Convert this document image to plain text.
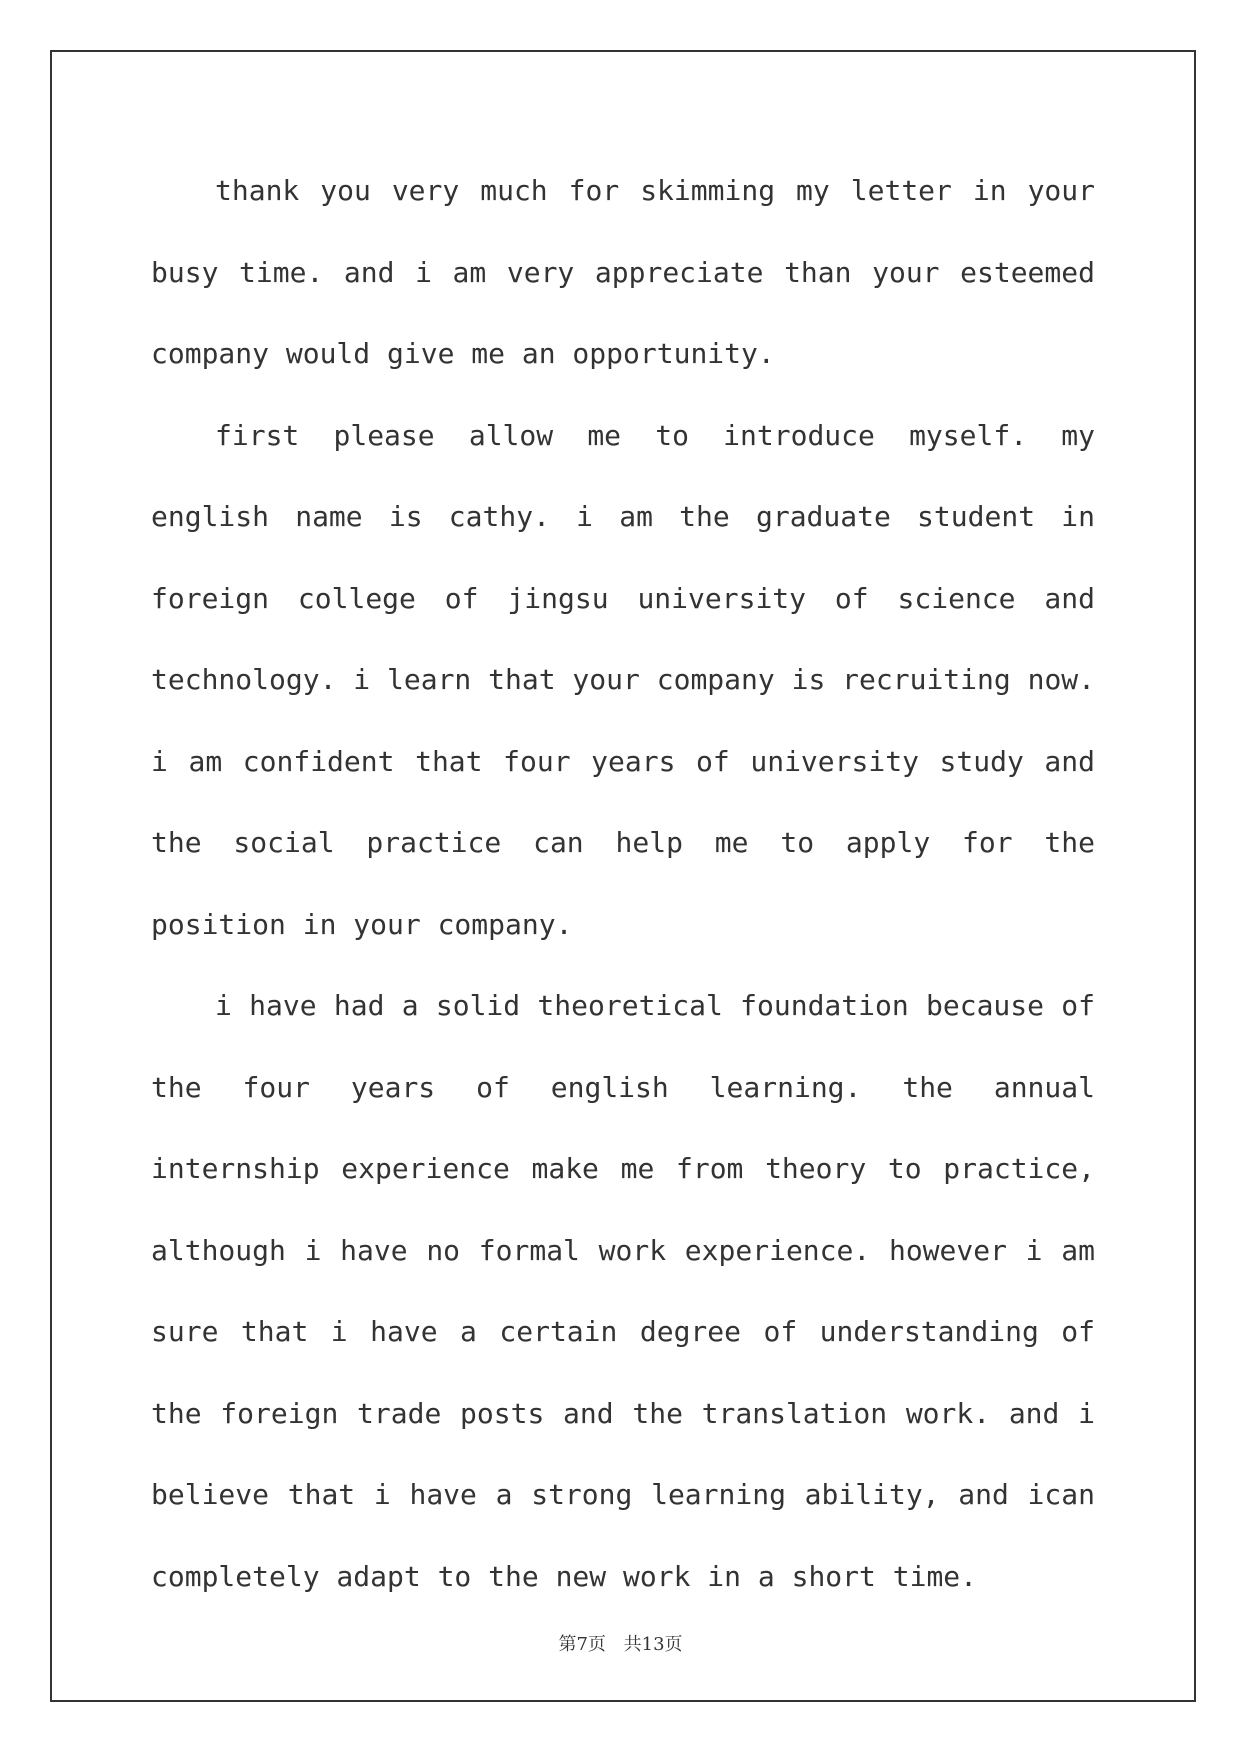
thank you very much for skimming my letter in your busy time. and i am very appreciate than your esteemed company would give me an opportunity.

first please allow me to introduce myself. my english name is cathy. i am the graduate student in foreign college of jingsu university of science and technology. i learn that your company is recruiting now. i am confident that four years of university study and the social practice can help me to apply for the position in your company.

i have had a solid theoretical foundation because of the four years of english learning. the annual internship experience make me from theory to practice, although i have no formal work experience. however i am sure that i have a certain degree of understanding of the foreign trade posts and the translation work. and i believe that i have a strong learning ability, and ican completely adapt to the new work in a short time.

第7页 共13页
